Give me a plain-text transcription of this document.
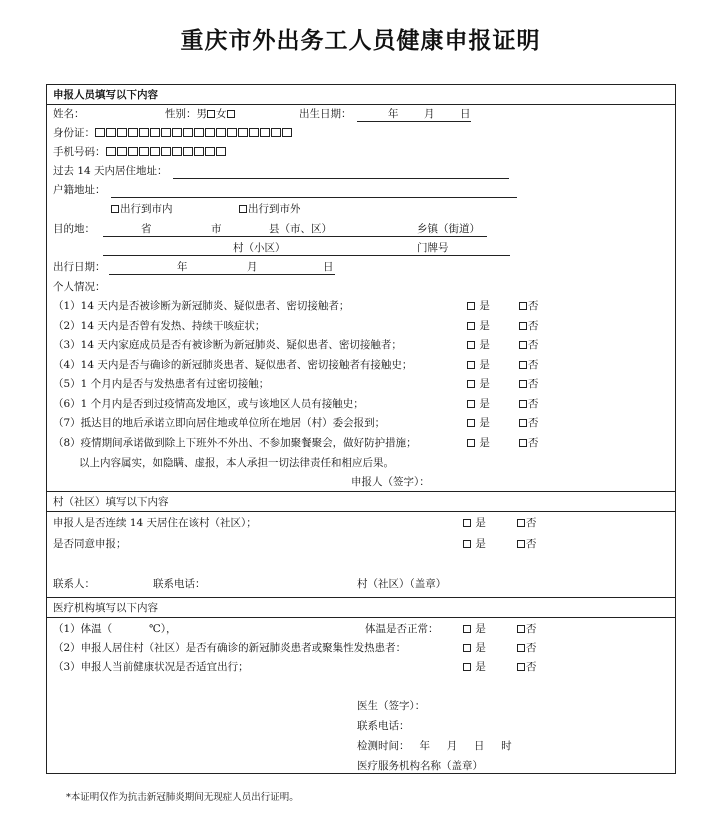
重庆市外出务工人员健康申报证明
申报人员填写以下内容
姓名：	性别：男 女	出生日期：	年 月 日
身份证：
手机号码：
过去 14 天内居住地址：
户籍地址：
出行到市内	出行到市外
目的地：	省	市	县（市、区）	乡镇（街道）
村（小区）	门牌号
出行日期：	年	月	日
个人情况：
（1）14 天内是否被诊断为新冠肺炎、疑似患者、密切接触者；	是	否
（2）14 天内是否曾有发热、持续干咳症状；	是	否
（3）14 天内家庭成员是否有被诊断为新冠肺炎、疑似患者、密切接触者；	是	否
（4）14 天内是否与确诊的新冠肺炎患者、疑似患者、密切接触者有接触史；	是	否
（5）1 个月内是否与发热患者有过密切接触；	是	否
（6）1 个月内是否到过疫情高发地区，或与该地区人员有接触史；	是	否
（7）抵达目的地后承诺立即向居住地或单位所在地居（村）委会报到；	是	否
（8）疫情期间承诺做到除上下班外不外出、不参加聚餐聚会，做好防护措施；	是	否
以上内容属实，如隐瞒、虚报，本人承担一切法律责任和相应后果。
申报人（签字）：
村（社区）填写以下内容
申报人是否连续 14 天居住在该村（社区）；	是	否
是否同意申报；	是	否
联系人：	联系电话：	村（社区）（盖章）
医疗机构填写以下内容
（1）体温（	℃），	体温是否正常：	是	否
（2）申报人居住村（社区）是否有确诊的新冠肺炎患者或聚集性发热患者：	是	否
（3）申报人当前健康状况是否适宜出行；	是	否
医生（签字）：
联系电话：
检测时间： 年 月 日 时
医疗服务机构名称（盖章）
*本证明仅作为抗击新冠肺炎期间无现症人员出行证明。
